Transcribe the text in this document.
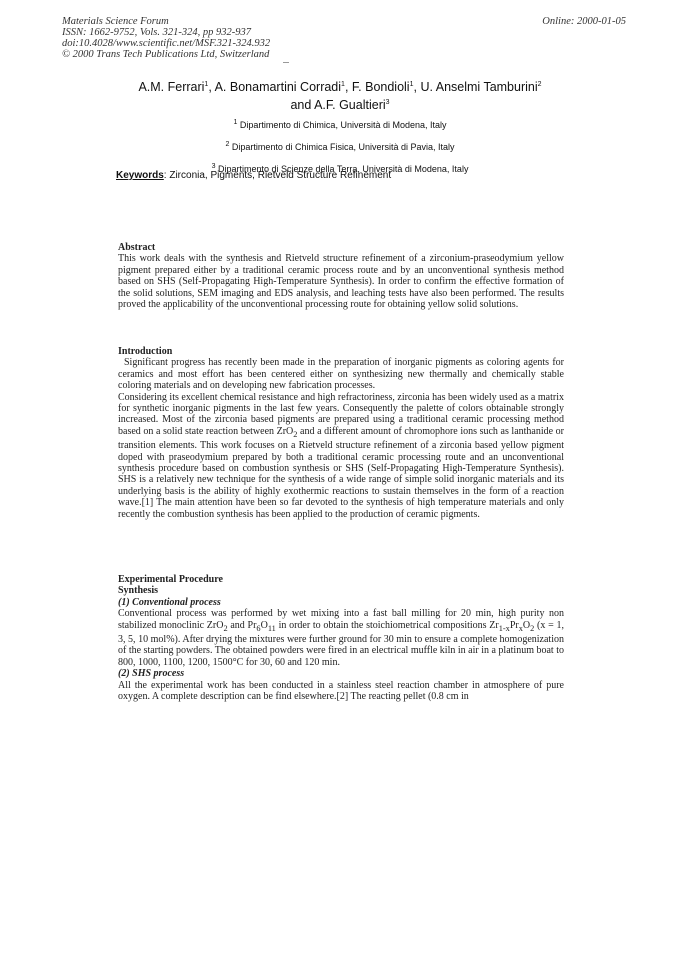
Materials Science Forum
ISSN: 1662-9752, Vols. 321-324, pp 932-937
doi:10.4028/www.scientific.net/MSF.321-324.932
© 2000 Trans Tech Publications Ltd, Switzerland
Online: 2000-01-05
A.M. Ferrari$^1$, A. Bonamartini Corradi$^1$, F. Bondioli$^1$, U. Anselmi Tamburini$^2$
and A.F. Gualtieri$^3$
$^1$ Dipartimento di Chimica, Università di Modena, Italy
$^2$ Dipartimento di Chimica Fisica, Università di Pavia, Italy
$^3$ Dipartimento di Scienze della Terra, Università di Modena, Italy
Keywords: Zirconia, Pigments, Rietveld Structure Refinement

Abstract

This work deals with the synthesis and Rietveld structure refinement of a zirconium-praseodymium yellow pigment prepared either by a traditional ceramic process route and by an unconventional synthesis method based on SHS (Self-Propagating High-Temperature Synthesis). In order to confirm the effective formation of the solid solutions, SEM imaging and EDS analysis, and leaching tests have also been performed. The results proved the applicability of the unconventional processing route for obtaining yellow solid solutions.

Introduction

Significant progress has recently been made in the preparation of inorganic pigments as coloring agents for ceramics and most effort has been centered either on synthesizing new thermally and chemically stable coloring materials and on developing new fabrication processes.

Considering its excellent chemical resistance and high refractoriness, zirconia has been widely used as a matrix for synthetic inorganic pigments in the last few years. Consequently the palette of colors obtainable strongly increased. Most of the zirconia based pigments are prepared using a traditional ceramic processing method based on a solid state reaction between ZrO$_2$ and a different amount of chromophore ions such as lanthanide or transition elements. This work focuses on a Rietveld structure refinement of a zirconia based yellow pigment doped with praseodymium prepared by both a traditional ceramic processing route and an unconventional synthesis procedure based on combustion synthesis or SHS (Self-Propagating High-Temperature Synthesis). SHS is a relatively new technique for the synthesis of a wide range of simple solid inorganic materials and its underlying basis is the ability of highly exothermic reactions to sustain themselves in the form of a reaction wave.[1] The main attention have been so far devoted to the synthesis of high temperature materials and only recently the combustion synthesis has been applied to the production of ceramic pigments.

Experimental Procedure

Synthesis

(1) Conventional process

Conventional process was performed by wet mixing into a fast ball milling for 20 min, high purity non stabilized monoclinic ZrO$_2$ and $Pr_6O_{11}$ in order to obtain the stoichiometrical compositions $Zr_{1-x}Pr_xO_2$ (x = 1, 3, 5, 10 mol%). After drying the mixtures were further ground for 30 min to ensure a complete homogenization of the starting powders. The obtained powders were fired in an electrical muffle kiln in air in a platinum boat to 800, 1000, 1100, 1200, 1500°C for 30, 60 and 120 min.

(2) SHS process

All the experimental work has been conducted in a stainless steel reaction chamber in atmosphere of pure oxygen. A complete description can be find elsewhere.[2] The reacting pellet (0.8 cm in
